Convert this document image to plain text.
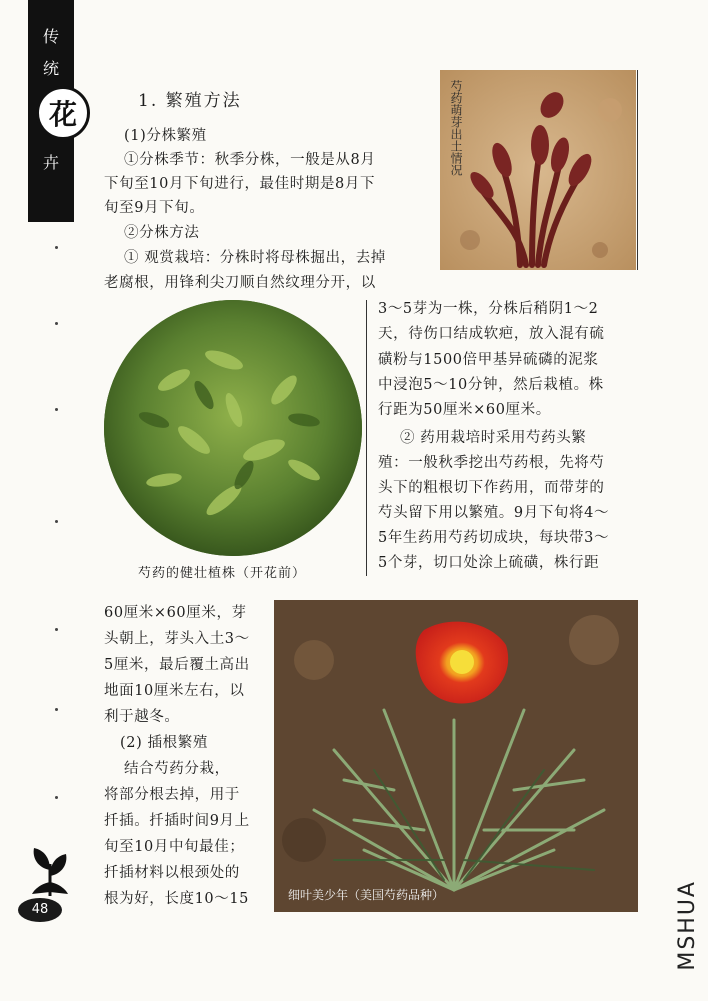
传
统
卉
花	1. 繁殖方法
(1)分株繁殖
①分株季节：秋季分株，一般是从8月
下旬至10月下旬进行，最佳时期是8月下
旬至9月下旬。
②分株方法
① 观赏栽培：分株时将母株掘出，去掉
老腐根，用锋利尖刀顺自然纹理分开，以
芍药萌芽出土情况
3～5芽为一株，分株后稍阴1～2
天，待伤口结成软疤，放入混有硫
磺粉与1500倍甲基异硫磷的泥浆
中浸泡5～10分钟，然后栽植。株
行距为50厘米×60厘米。
② 药用栽培时采用芍药头繁
殖：一般秋季挖出芍药根，先将芍
头下的粗根切下作药用，而带芽的
芍头留下用以繁殖。9月下旬将4～
5年生药用芍药切成块，每块带3～
5个芽，切口处涂上硫磺，株行距
芍药的健壮植株（开花前）
60厘米×60厘米，芽
头朝上，芽头入土3～
5厘米，最后覆土高出
地面10厘米左右，以
利于越冬。
(2) 插根繁殖
结合芍药分栽，
将部分根去掉，用于
扦插。扦插时间9月上
旬至10月中旬最佳；
扦插材料以根颈处的
根为好，长度10～15	细叶美少年（美国芍药品种）
48	MSHUA
